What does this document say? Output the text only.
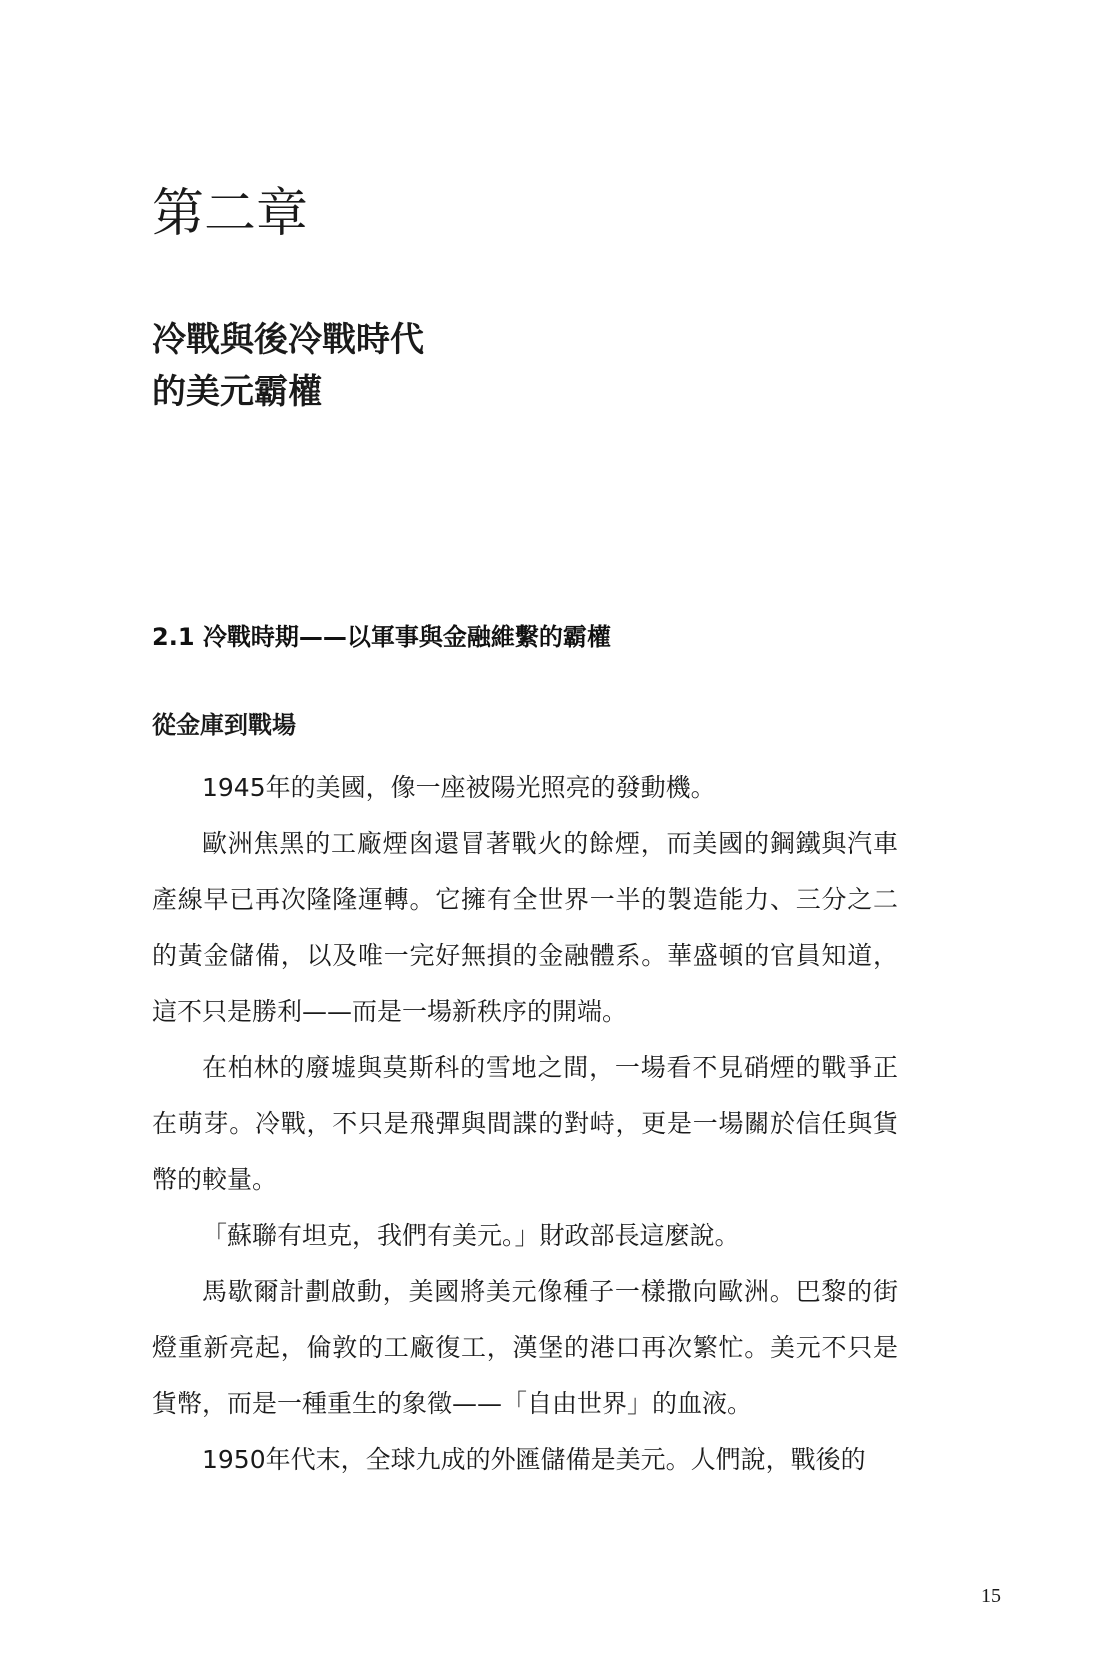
第二章
冷戰與後冷戰時代
的美元霸權
2.1 冷戰時期——以軍事與金融維繫的霸權
從金庫到戰場

1945年的美國，像一座被陽光照亮的發動機。

歐洲焦黑的工廠煙囪還冒著戰火的餘煙，而美國的鋼鐵與汽車產線早已再次隆隆運轉。它擁有全世界一半的製造能力、三分之二的黃金儲備，以及唯一完好無損的金融體系。華盛頓的官員知道，這不只是勝利——而是一場新秩序的開端。

在柏林的廢墟與莫斯科的雪地之間，一場看不見硝煙的戰爭正在萌芽。冷戰，不只是飛彈與間諜的對峙，更是一場關於信任與貨幣的較量。

「蘇聯有坦克，我們有美元。」財政部長這麼說。

馬歇爾計劃啟動，美國將美元像種子一樣撒向歐洲。巴黎的街燈重新亮起，倫敦的工廠復工，漢堡的港口再次繁忙。美元不只是貨幣，而是一種重生的象徵——「自由世界」的血液。

1950年代末，全球九成的外匯儲備是美元。人們說，戰後的

15
